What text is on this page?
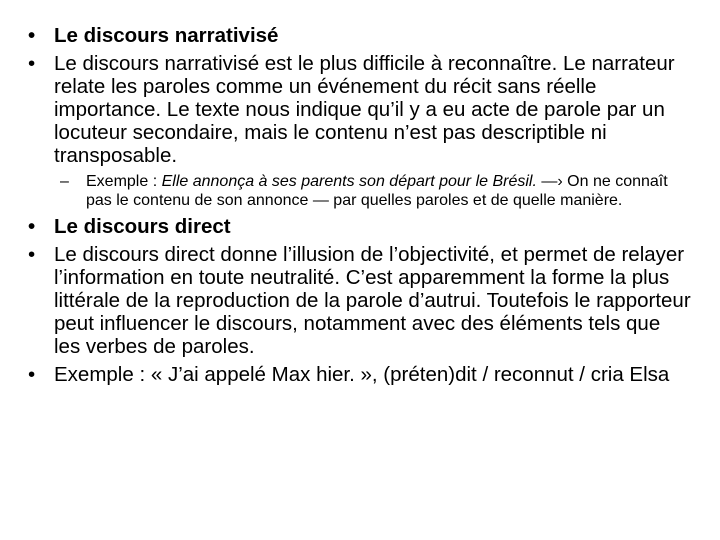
• Le discours narrativisé
• Le discours narrativisé est le plus difficile à reconnaître. Le narrateur relate les paroles comme un événement du récit sans réelle importance. Le texte nous indique qu’il y a eu acte de parole par un locuteur secondaire, mais le contenu n’est pas descriptible ni transposable.
– Exemple : Elle annonça à ses parents son départ pour le Brésil. —› On ne connaît pas le contenu de son annonce — par quelles paroles et de quelle manière.
• Le discours direct
• Le discours direct donne l’illusion de l’objectivité, et permet de relayer l’information en toute neutralité. C’est apparemment la forme la plus littérale de la reproduction de la parole d’autrui. Toutefois le rapporteur peut influencer le discours, notamment avec des éléments tels que les verbes de paroles.
• Exemple : « J’ai appelé Max hier. », (préten)dit / reconnut / cria Elsa
